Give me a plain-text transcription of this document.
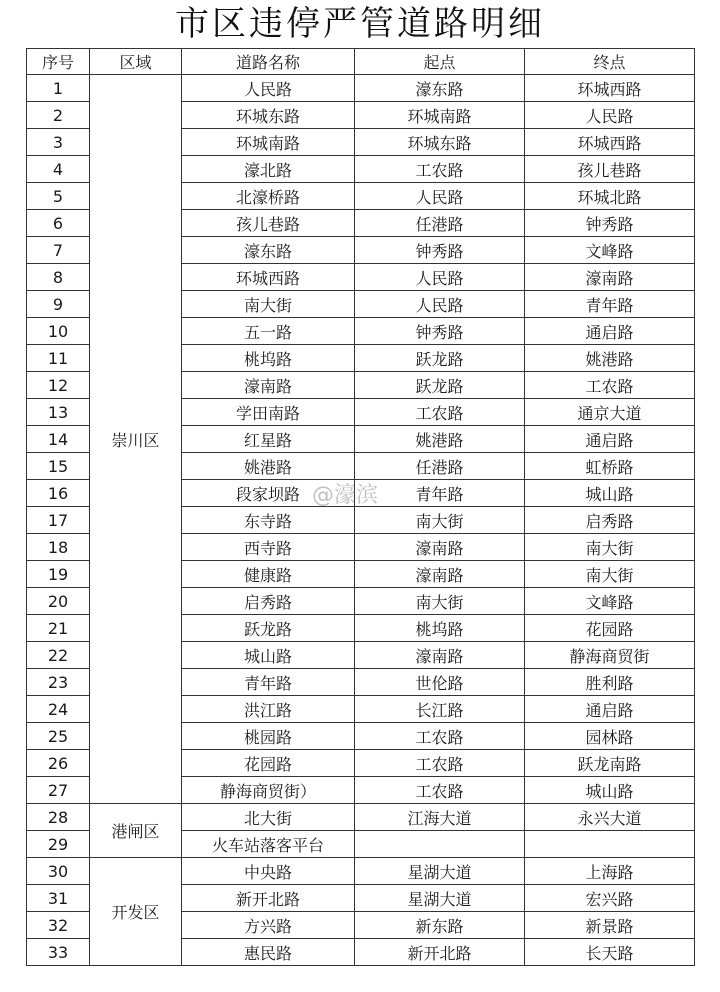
市区违停严管道路明细
序号	区域	道路名称	起点	终点
1	崇川区	人民路	濠东路	环城西路
2		环城东路	环城南路	人民路
3		环城南路	环城东路	环城西路
4		濠北路	工农路	孩儿巷路
5		北濠桥路	人民路	环城北路
6		孩儿巷路	任港路	钟秀路
7		濠东路	钟秀路	文峰路
8		环城西路	人民路	濠南路
9		南大街	人民路	青年路
10		五一路	钟秀路	通启路
11		桃坞路	跃龙路	姚港路
12		濠南路	跃龙路	工农路
13		学田南路	工农路	通京大道
14		红星路	姚港路	通启路
15		姚港路	任港路	虹桥路
16		段家坝路	青年路	城山路
17		东寺路	南大街	启秀路
18		西寺路	濠南路	南大街
19		健康路	濠南路	南大街
20		启秀路	南大街	文峰路
21		跃龙路	桃坞路	花园路
22		城山路	濠南路	静海商贸街
23		青年路	世伦路	胜利路
24		洪江路	长江路	通启路
25		桃园路	工农路	园林路
26		花园路	工农路	跃龙南路
27		静海商贸街）	工农路	城山路
28	港闸区	北大街	江海大道	永兴大道
29		火车站落客平台		
30	开发区	中央路	星湖大道	上海路
31		新开北路	星湖大道	宏兴路
32		方兴路	新东路	新景路
33		惠民路	新开北路	长天路
@濠滨
